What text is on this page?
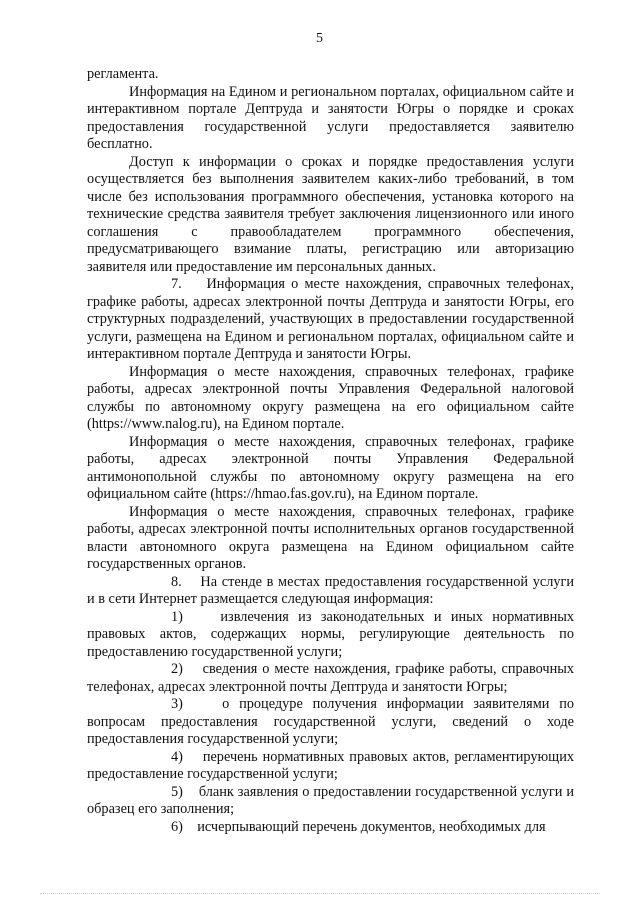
5

регламента.

Информация на Едином и региональном порталах, официальном сайте и интерактивном портале Дептруда и занятости Югры о порядке и сроках предоставления государственной услуги предоставляется заявителю бесплатно.

Доступ к информации о сроках и порядке предоставления услуги осуществляется без выполнения заявителем каких-либо требований, в том числе без использования программного обеспечения, установка которого на технические средства заявителя требует заключения лицензионного или иного соглашения с правообладателем программного обеспечения, предусматривающего взимание платы, регистрацию или авторизацию заявителя или предоставление им персональных данных.

7. Информация о месте нахождения, справочных телефонах, графике работы, адресах электронной почты Дептруда и занятости Югры, его структурных подразделений, участвующих в предоставлении государственной услуги, размещена на Едином и региональном порталах, официальном сайте и интерактивном портале Дептруда и занятости Югры.

Информация о месте нахождения, справочных телефонах, графике работы, адресах электронной почты Управления Федеральной налоговой службы по автономному округу размещена на его официальном сайте (https://www.nalog.ru), на Едином портале.

Информация о месте нахождения, справочных телефонах, графике работы, адресах электронной почты Управления Федеральной антимонопольной службы по автономному округу размещена на его официальном сайте (https://hmao.fas.gov.ru), на Едином портале.

Информация о месте нахождения, справочных телефонах, графике работы, адресах электронной почты исполнительных органов государственной власти автономного округа размещена на Едином официальном сайте государственных органов.

8. На стенде в местах предоставления государственной услуги и в сети Интернет размещается следующая информация:

1)	извлечения из законодательных и иных нормативных правовых актов, содержащих нормы, регулирующие деятельность по предоставлению государственной услуги;

2) сведения о месте нахождения, графике работы, справочных телефонах, адресах электронной почты Дептруда и занятости Югры;

3)	о процедуре получения информации заявителями по вопросам предоставления государственной услуги, сведений о ходе предоставления государственной услуги;

4) перечень нормативных правовых актов, регламентирующих предоставление государственной услуги;

5) бланк заявления о предоставлении государственной услуги и образец его заполнения;

6) исчерпывающий перечень документов, необходимых для
